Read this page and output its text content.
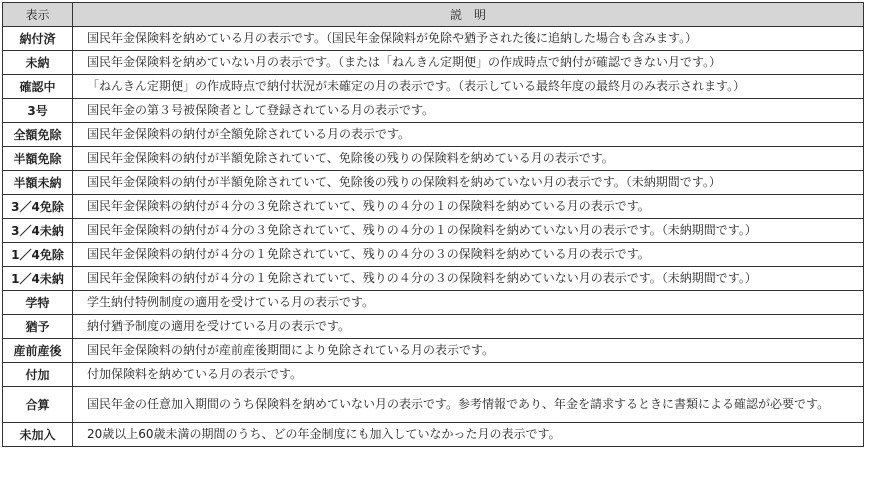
表示	説　明
納付済	国民年金保険料を納めている月の表示です。（国民年金保険料が免除や猶予された後に追納した場合も含みます。）
未納	国民年金保険料を納めていない月の表示です。（または「ねんきん定期便」の作成時点で納付が確認できない月です。）
確認中	「ねんきん定期便」の作成時点で納付状況が未確定の月の表示です。（表示している最終年度の最終月のみ表示されます。）
3号	国民年金の第３号被保険者として登録されている月の表示です。
全額免除	国民年金保険料の納付が全額免除されている月の表示です。
半額免除	国民年金保険料の納付が半額免除されていて、免除後の残りの保険料を納めている月の表示です。
半額未納	国民年金保険料の納付が半額免除されていて、免除後の残りの保険料を納めていない月の表示です。（未納期間です。）
3／4免除	国民年金保険料の納付が４分の３免除されていて、残りの４分の１の保険料を納めている月の表示です。
3／4未納	国民年金保険料の納付が４分の３免除されていて、残りの４分の１の保険料を納めていない月の表示です。（未納期間です。）
1／4免除	国民年金保険料の納付が４分の１免除されていて、残りの４分の３の保険料を納めている月の表示です。
1／4未納	国民年金保険料の納付が４分の１免除されていて、残りの４分の３の保険料を納めていない月の表示です。（未納期間です。）
学特	学生納付特例制度の適用を受けている月の表示です。
猶予	納付猶予制度の適用を受けている月の表示です。
産前産後	国民年金保険料の納付が産前産後期間により免除されている月の表示です。
付加	付加保険料を納めている月の表示です。
合算	国民年金の任意加入期間のうち保険料を納めていない月の表示です。参考情報であり、年金を請求するときに書類による確認が必要です。
未加入	20歳以上60歳未満の期間のうち、どの年金制度にも加入していなかった月の表示です。
